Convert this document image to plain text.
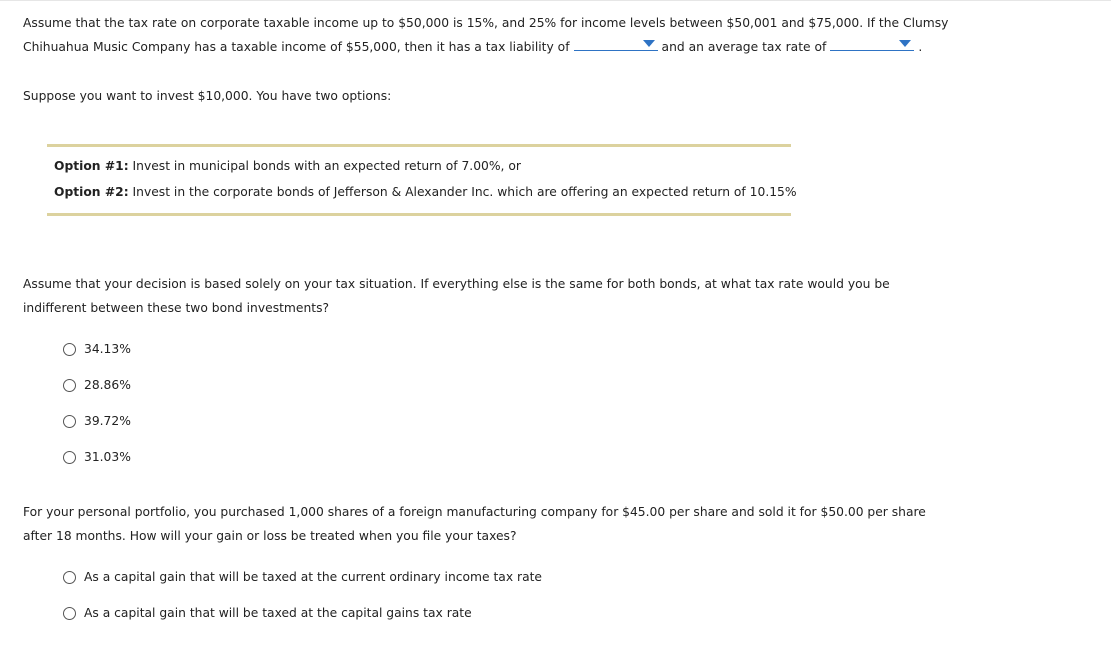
Assume that the tax rate on corporate taxable income up to $50,000 is 15%, and 25% for income levels between $50,001 and $75,000. If the Clumsy
Chihuahua Music Company has a taxable income of $55,000, then it has a tax liability of	and an average tax rate of	.
Suppose you want to invest $10,000. You have two options:
Option #1: Invest in municipal bonds with an expected return of 7.00%, or
Option #2: Invest in the corporate bonds of Jefferson & Alexander Inc. which are offering an expected return of 10.15%
Assume that your decision is based solely on your tax situation. If everything else is the same for both bonds, at what tax rate would you be
indifferent between these two bond investments?
34.13%
28.86%
39.72%
31.03%
For your personal portfolio, you purchased 1,000 shares of a foreign manufacturing company for $45.00 per share and sold it for $50.00 per share
after 18 months. How will your gain or loss be treated when you file your taxes?
As a capital gain that will be taxed at the current ordinary income tax rate
As a capital gain that will be taxed at the capital gains tax rate
